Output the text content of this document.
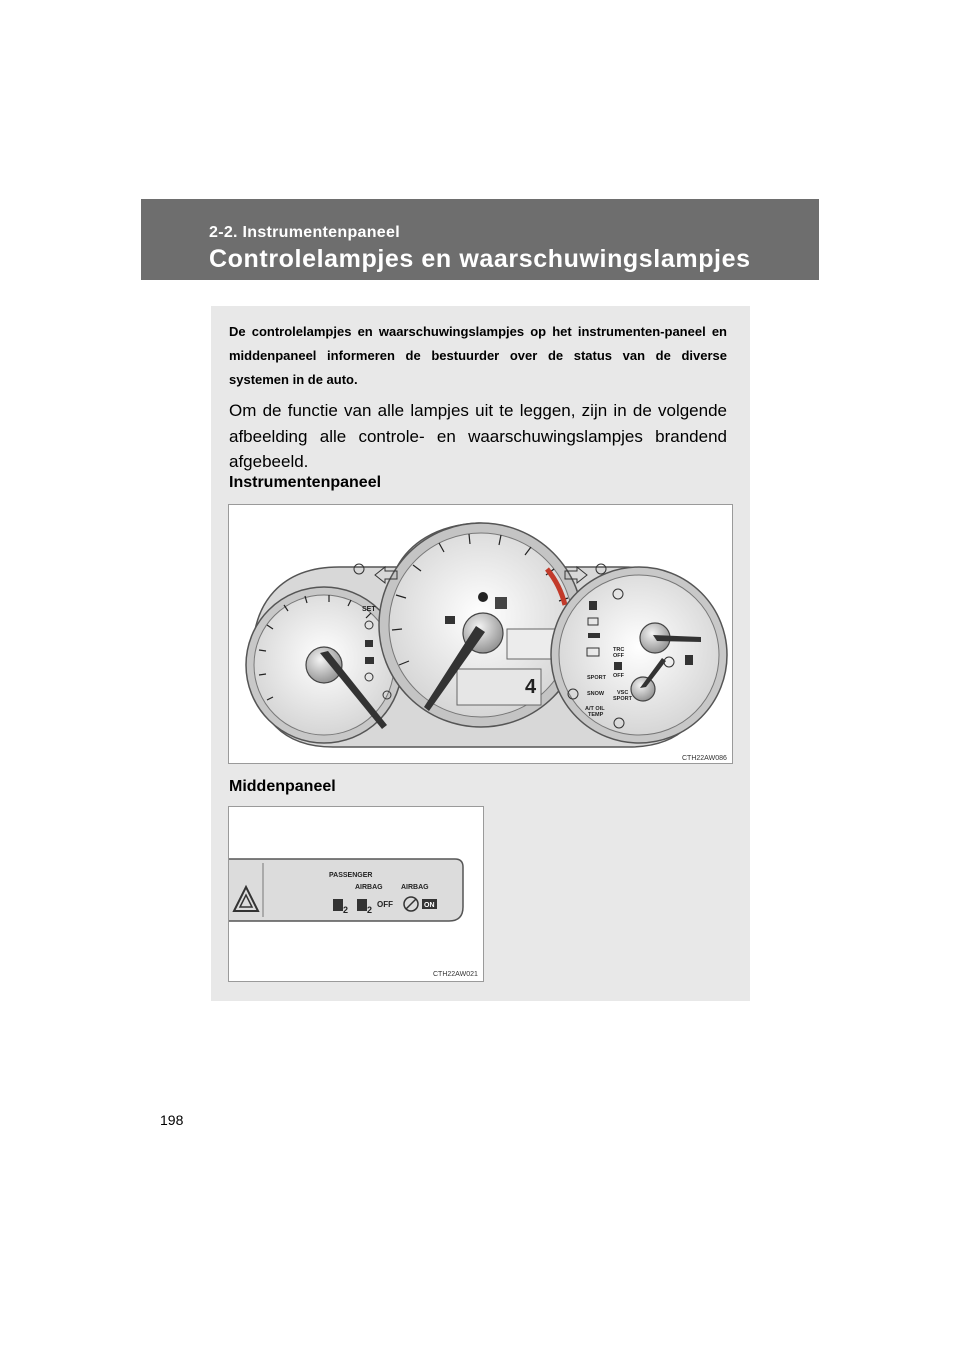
2-2. Instrumentenpaneel
Controlelampjes en waarschuwingslampjes

De controlelampjes en waarschuwingslampjes op het instrumenten-paneel en middenpaneel informeren de bestuurder over de status van de diverse systemen in de auto.

Om de functie van alle lampjes uit te leggen, zijn in de volgende afbeelding alle controle- en waarschuwingslampjes brandend afgebeeld.

Instrumentenpaneel
4
SET
TRC
OFF
OFF
SPORT
SNOW VSC
SPORT
A/T OIL
TEMP
CTH22AW086
Middenpaneel
PASSENGER
AIRBAG	AIRBAG
2 2
OFF	ON
CTH22AW021
198
